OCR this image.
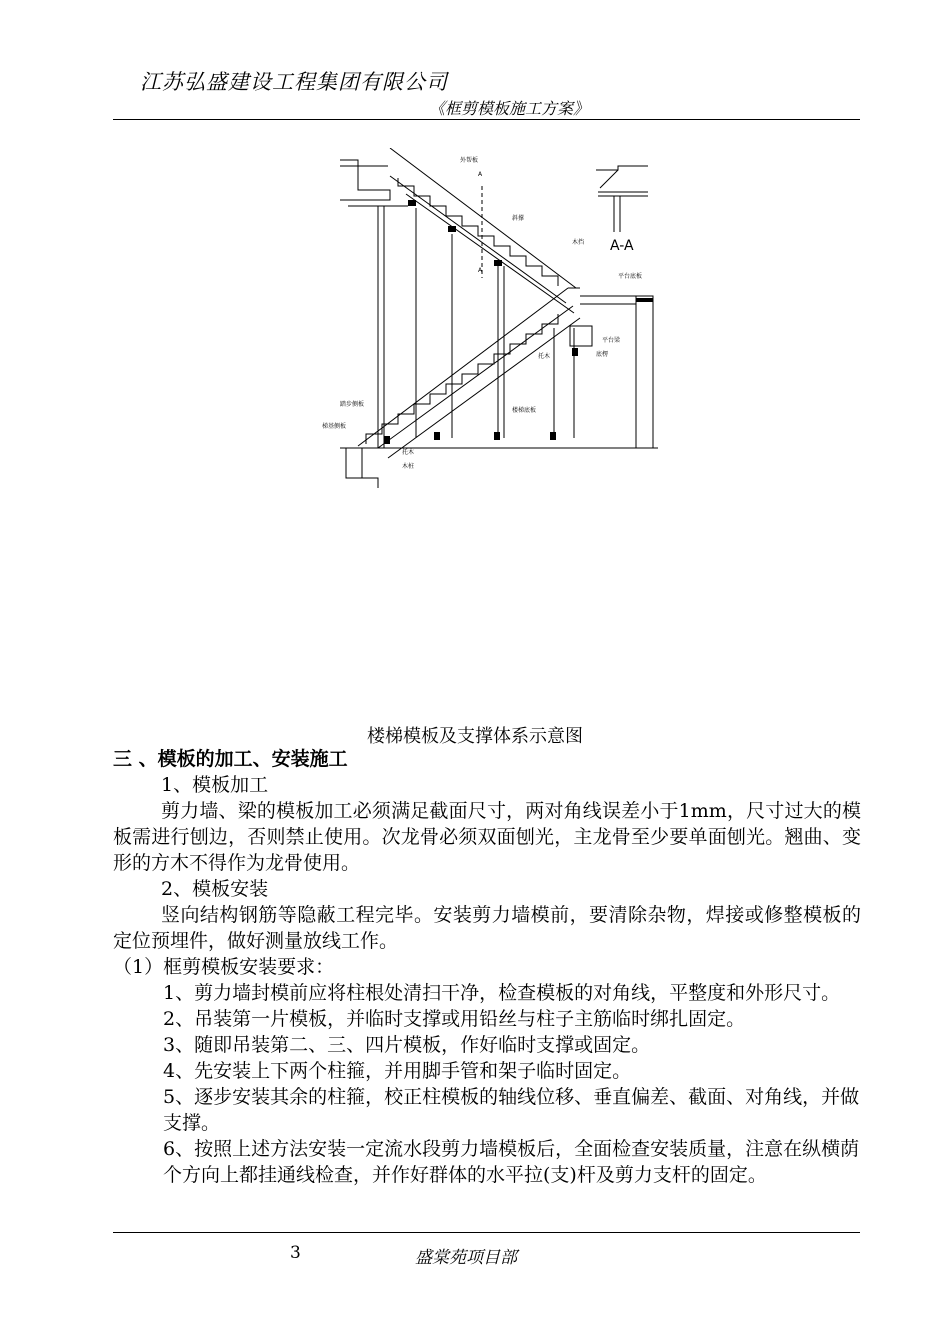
江苏弘盛建设工程集团有限公司
《框剪模板施工方案》
外帮板
A
A
斜撑
木挡
平台底板
平台梁
托木	底楞
踏步侧板
楼梯底板
梯基侧板
托木
木桩
A-A
楼梯模板及支撑体系示意图

三 、模板的加工、安装施工

1、模板加工

剪力墙、梁的模板加工必须满足截面尺寸，两对角线误差小于1mm，尺寸过大的模板需进行刨边，否则禁止使用。次龙骨必须双面刨光，主龙骨至少要单面刨光。翘曲、变形的方木不得作为龙骨使用。

2、模板安装

竖向结构钢筋等隐蔽工程完毕。安装剪力墙模前，要清除杂物，焊接或修整模板的定位预埋件，做好测量放线工作。

（1）框剪模板安装要求：

1、剪力墙封模前应将柱根处清扫干净，检查模板的对角线，平整度和外形尺寸。

2、吊装第一片模板，并临时支撑或用铅丝与柱子主筋临时绑扎固定。

3、随即吊装第二、三、四片模板，作好临时支撑或固定。

4、先安装上下两个柱箍，并用脚手管和架子临时固定。

5、逐步安装其余的柱箍，校正柱模板的轴线位移、垂直偏差、截面、对角线，并做支撑。

6、按照上述方法安装一定流水段剪力墙模板后，全面检查安装质量，注意在纵横荫个方向上都挂通线检查，并作好群体的水平拉(支)杆及剪力支杆的固定。

3	盛棠苑项目部
